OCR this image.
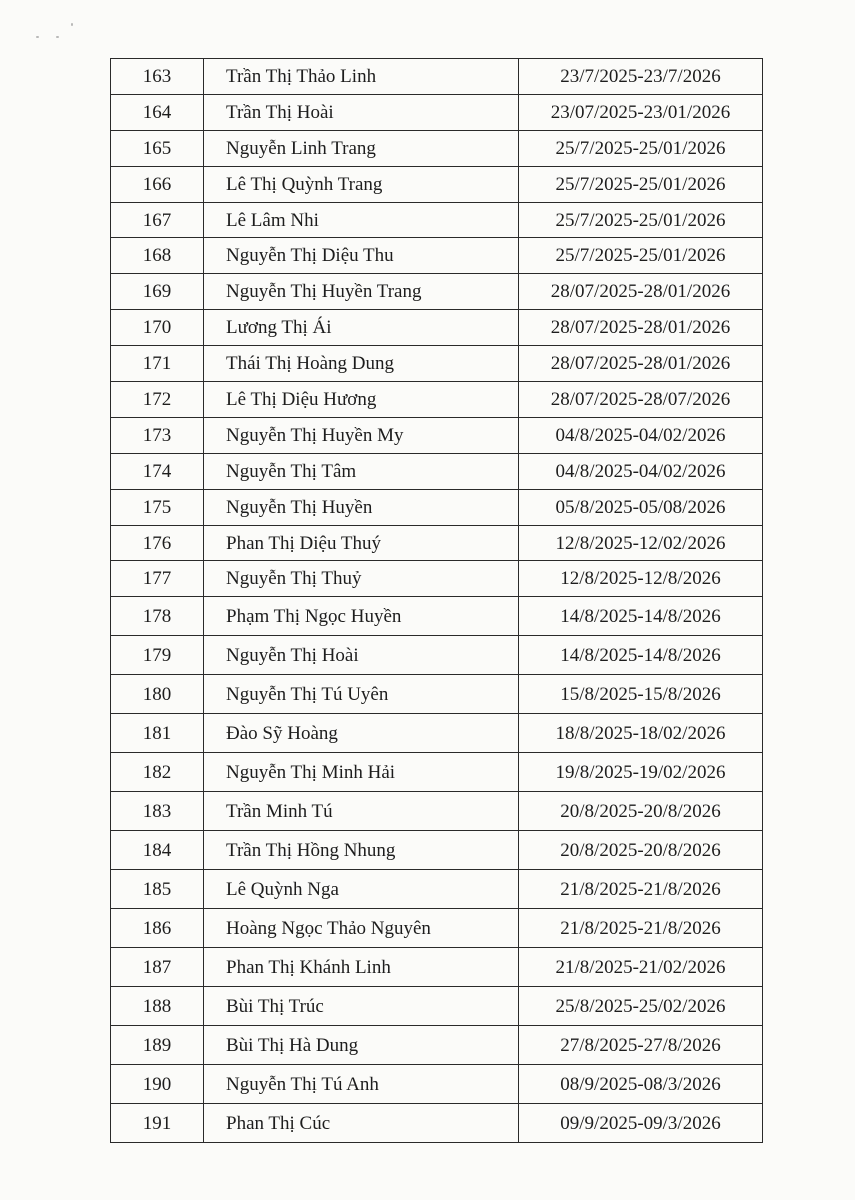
163	Trần Thị Thảo Linh	23/7/2025-23/7/2026
164	Trần Thị Hoài	23/07/2025-23/01/2026
165	Nguyễn Linh Trang	25/7/2025-25/01/2026
166	Lê Thị Quỳnh Trang	25/7/2025-25/01/2026
167	Lê Lâm Nhi	25/7/2025-25/01/2026
168	Nguyễn Thị Diệu Thu	25/7/2025-25/01/2026
169	Nguyễn Thị Huyền Trang	28/07/2025-28/01/2026
170	Lương Thị Ái	28/07/2025-28/01/2026
171	Thái Thị Hoàng Dung	28/07/2025-28/01/2026
172	Lê Thị Diệu Hương	28/07/2025-28/07/2026
173	Nguyễn Thị Huyền My	04/8/2025-04/02/2026
174	Nguyễn Thị Tâm	04/8/2025-04/02/2026
175	Nguyễn Thị Huyền	05/8/2025-05/08/2026
176	Phan Thị Diệu Thuý	12/8/2025-12/02/2026
177	Nguyễn Thị Thuỷ	12/8/2025-12/8/2026
178	Phạm Thị Ngọc Huyền	14/8/2025-14/8/2026
179	Nguyễn Thị Hoài	14/8/2025-14/8/2026
180	Nguyễn Thị Tú Uyên	15/8/2025-15/8/2026
181	Đào Sỹ Hoàng	18/8/2025-18/02/2026
182	Nguyễn Thị Minh Hải	19/8/2025-19/02/2026
183	Trần Minh Tú	20/8/2025-20/8/2026
184	Trần Thị Hồng Nhung	20/8/2025-20/8/2026
185	Lê Quỳnh Nga	21/8/2025-21/8/2026
186	Hoàng Ngọc Thảo Nguyên	21/8/2025-21/8/2026
187	Phan Thị Khánh Linh	21/8/2025-21/02/2026
188	Bùi Thị Trúc	25/8/2025-25/02/2026
189	Bùi Thị Hà Dung	27/8/2025-27/8/2026
190	Nguyễn Thị Tú Anh	08/9/2025-08/3/2026
191	Phan Thị Cúc	09/9/2025-09/3/2026
